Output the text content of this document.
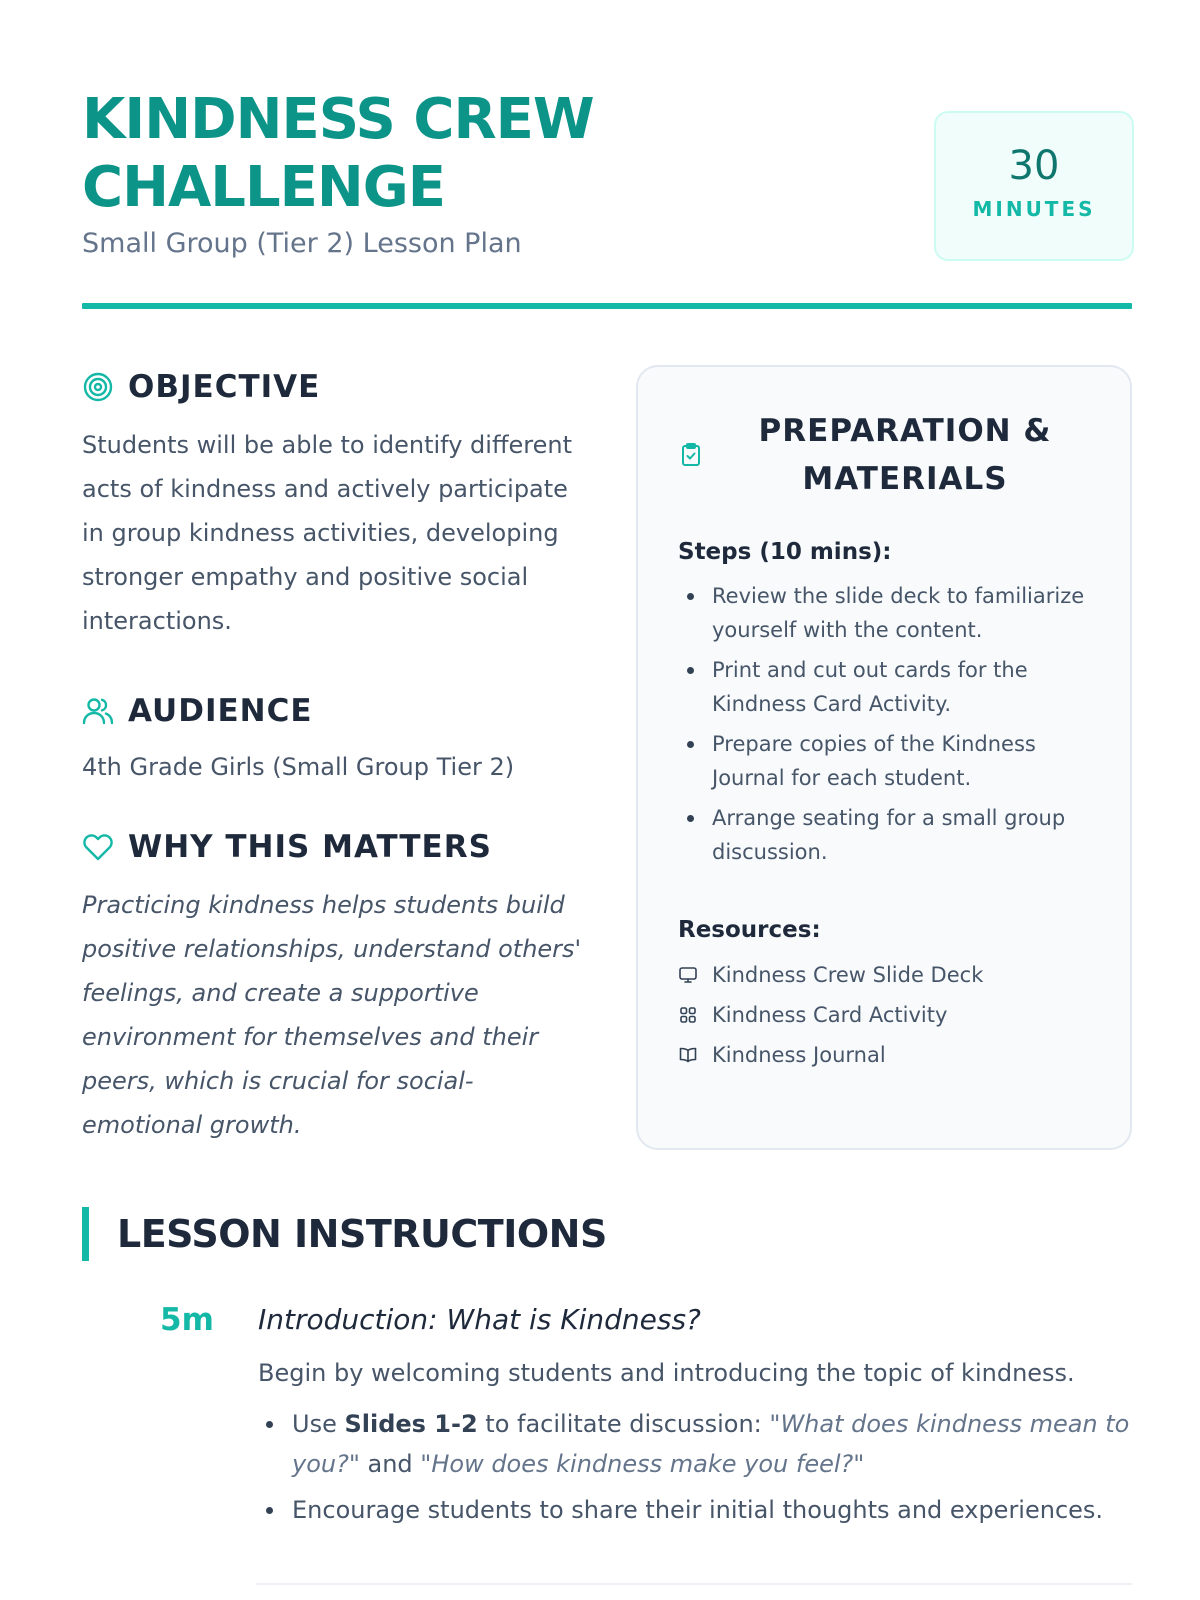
KINDNESS CREW
CHALLENGE
Small Group (Tier 2) Lesson Plan
30
MINUTES
OBJECTIVE

Students will be able to identify different acts of kindness and actively participate in group kindness activities, developing stronger empathy and positive social interactions.

AUDIENCE

4th Grade Girls (Small Group Tier 2)

WHY THIS MATTERS

Practicing kindness helps students build positive relationships, understand others' feelings, and create a supportive environment for themselves and their peers, which is crucial for social-emotional growth.

PREPARATION &
MATERIALS
Steps (10 mins):
Review the slide deck to familiarize yourself with the content.
Print and cut out cards for the Kindness Card Activity.
Prepare copies of the Kindness Journal for each student.
Arrange seating for a small group discussion.
Resources:
Kindness Crew Slide Deck
Kindness Card Activity
Kindness Journal
LESSON INSTRUCTIONS
5m Introduction: What is Kindness?

Begin by welcoming students and introducing the topic of kindness.

Use Slides 1-2 to facilitate discussion: "What does kindness mean to you?" and "How does kindness make you feel?"
Encourage students to share their initial thoughts and experiences.
